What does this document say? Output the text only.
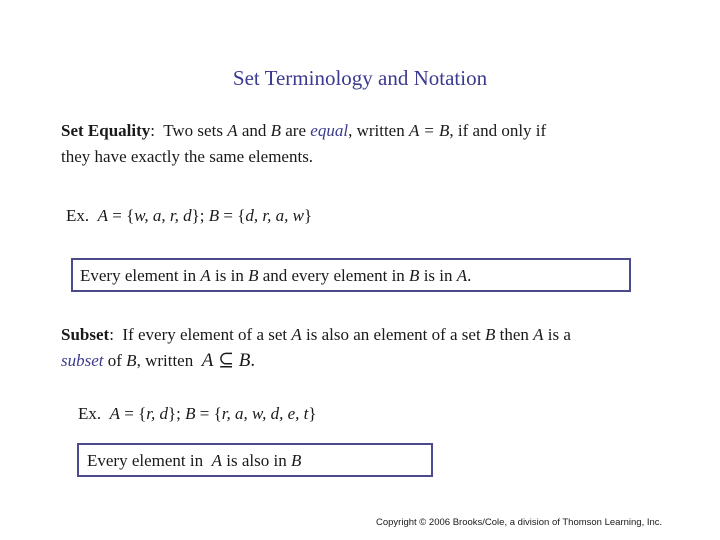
Set Terminology and Notation
Set Equality:  Two sets A and B are equal, written A = B, if and only if
they have exactly the same elements.
Ex.  A = {w, a, r, d}; B = {d, r, a, w}
Every element in A is in B and every element in B is in A.
Subset:  If every element of a set A is also an element of a set B then A is a
subset of B, written  A ⊆ B.
Ex.  A = {r, d}; B = {r, a, w, d, e, t}
Every element in  A is also in B
Copyright © 2006 Brooks/Cole, a division of Thomson Learning, Inc.
